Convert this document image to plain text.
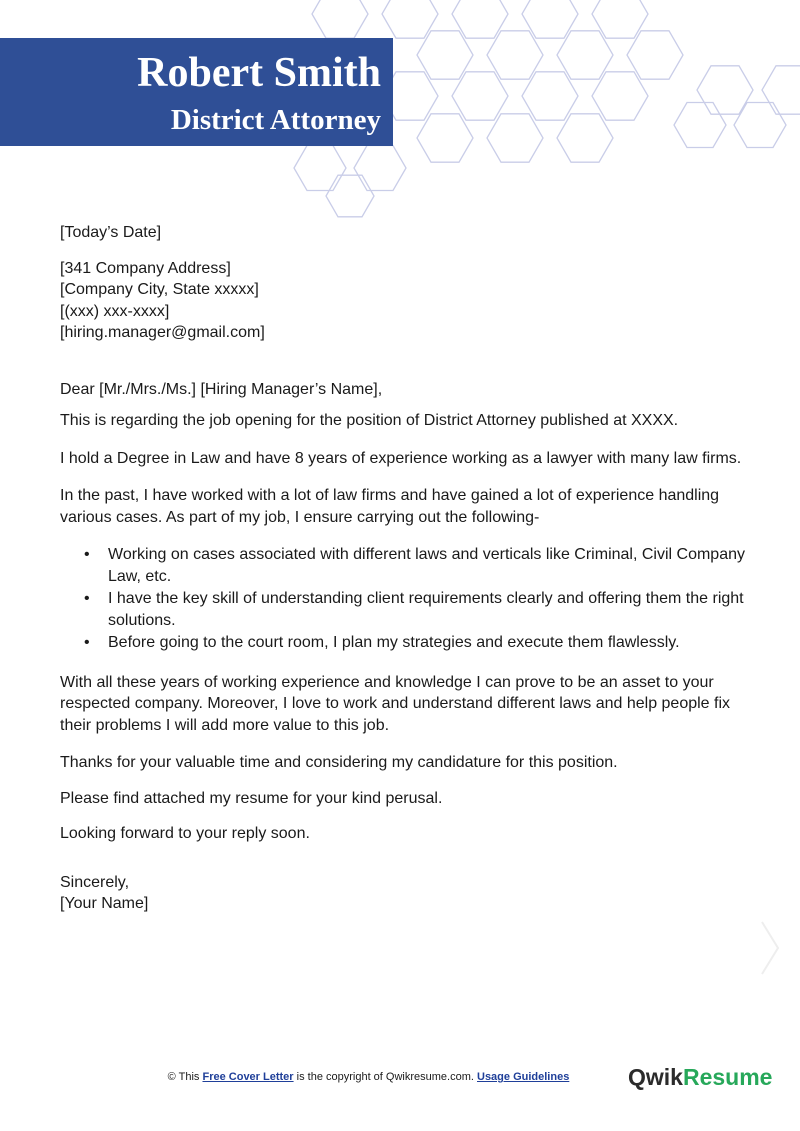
Robert Smith
District Attorney

[Today’s Date]

[341 Company Address]

[Company City, State xxxxx]

[(xxx) xxx-xxxx]

[hiring.manager@gmail.com]

Dear [Mr./Mrs./Ms.] [Hiring Manager’s Name],

This is regarding the job opening for the position of District Attorney published at XXXX.

I hold a Degree in Law and have 8 years of experience working as a lawyer with many law firms.

In the past, I have worked with a lot of law firms and have gained a lot of experience handling various cases. As part of my job, I ensure carrying out the following-

• Working on cases associated with different laws and verticals like Criminal, Civil Company Law, etc.
• I have the key skill of understanding client requirements clearly and offering them the right solutions.
• Before going to the court room, I plan my strategies and execute them flawlessly.

With all these years of working experience and knowledge I can prove to be an asset to your respected company. Moreover, I love to work and understand different laws and help people fix their problems I will add more value to this job.

Thanks for your valuable time and considering my candidature for this position.

Please find attached my resume for your kind perusal.

Looking forward to your reply soon.

Sincerely,

[Your Name]

© This Free Cover Letter is the copyright of Qwikresume.com. Usage Guidelines	QwikResume
